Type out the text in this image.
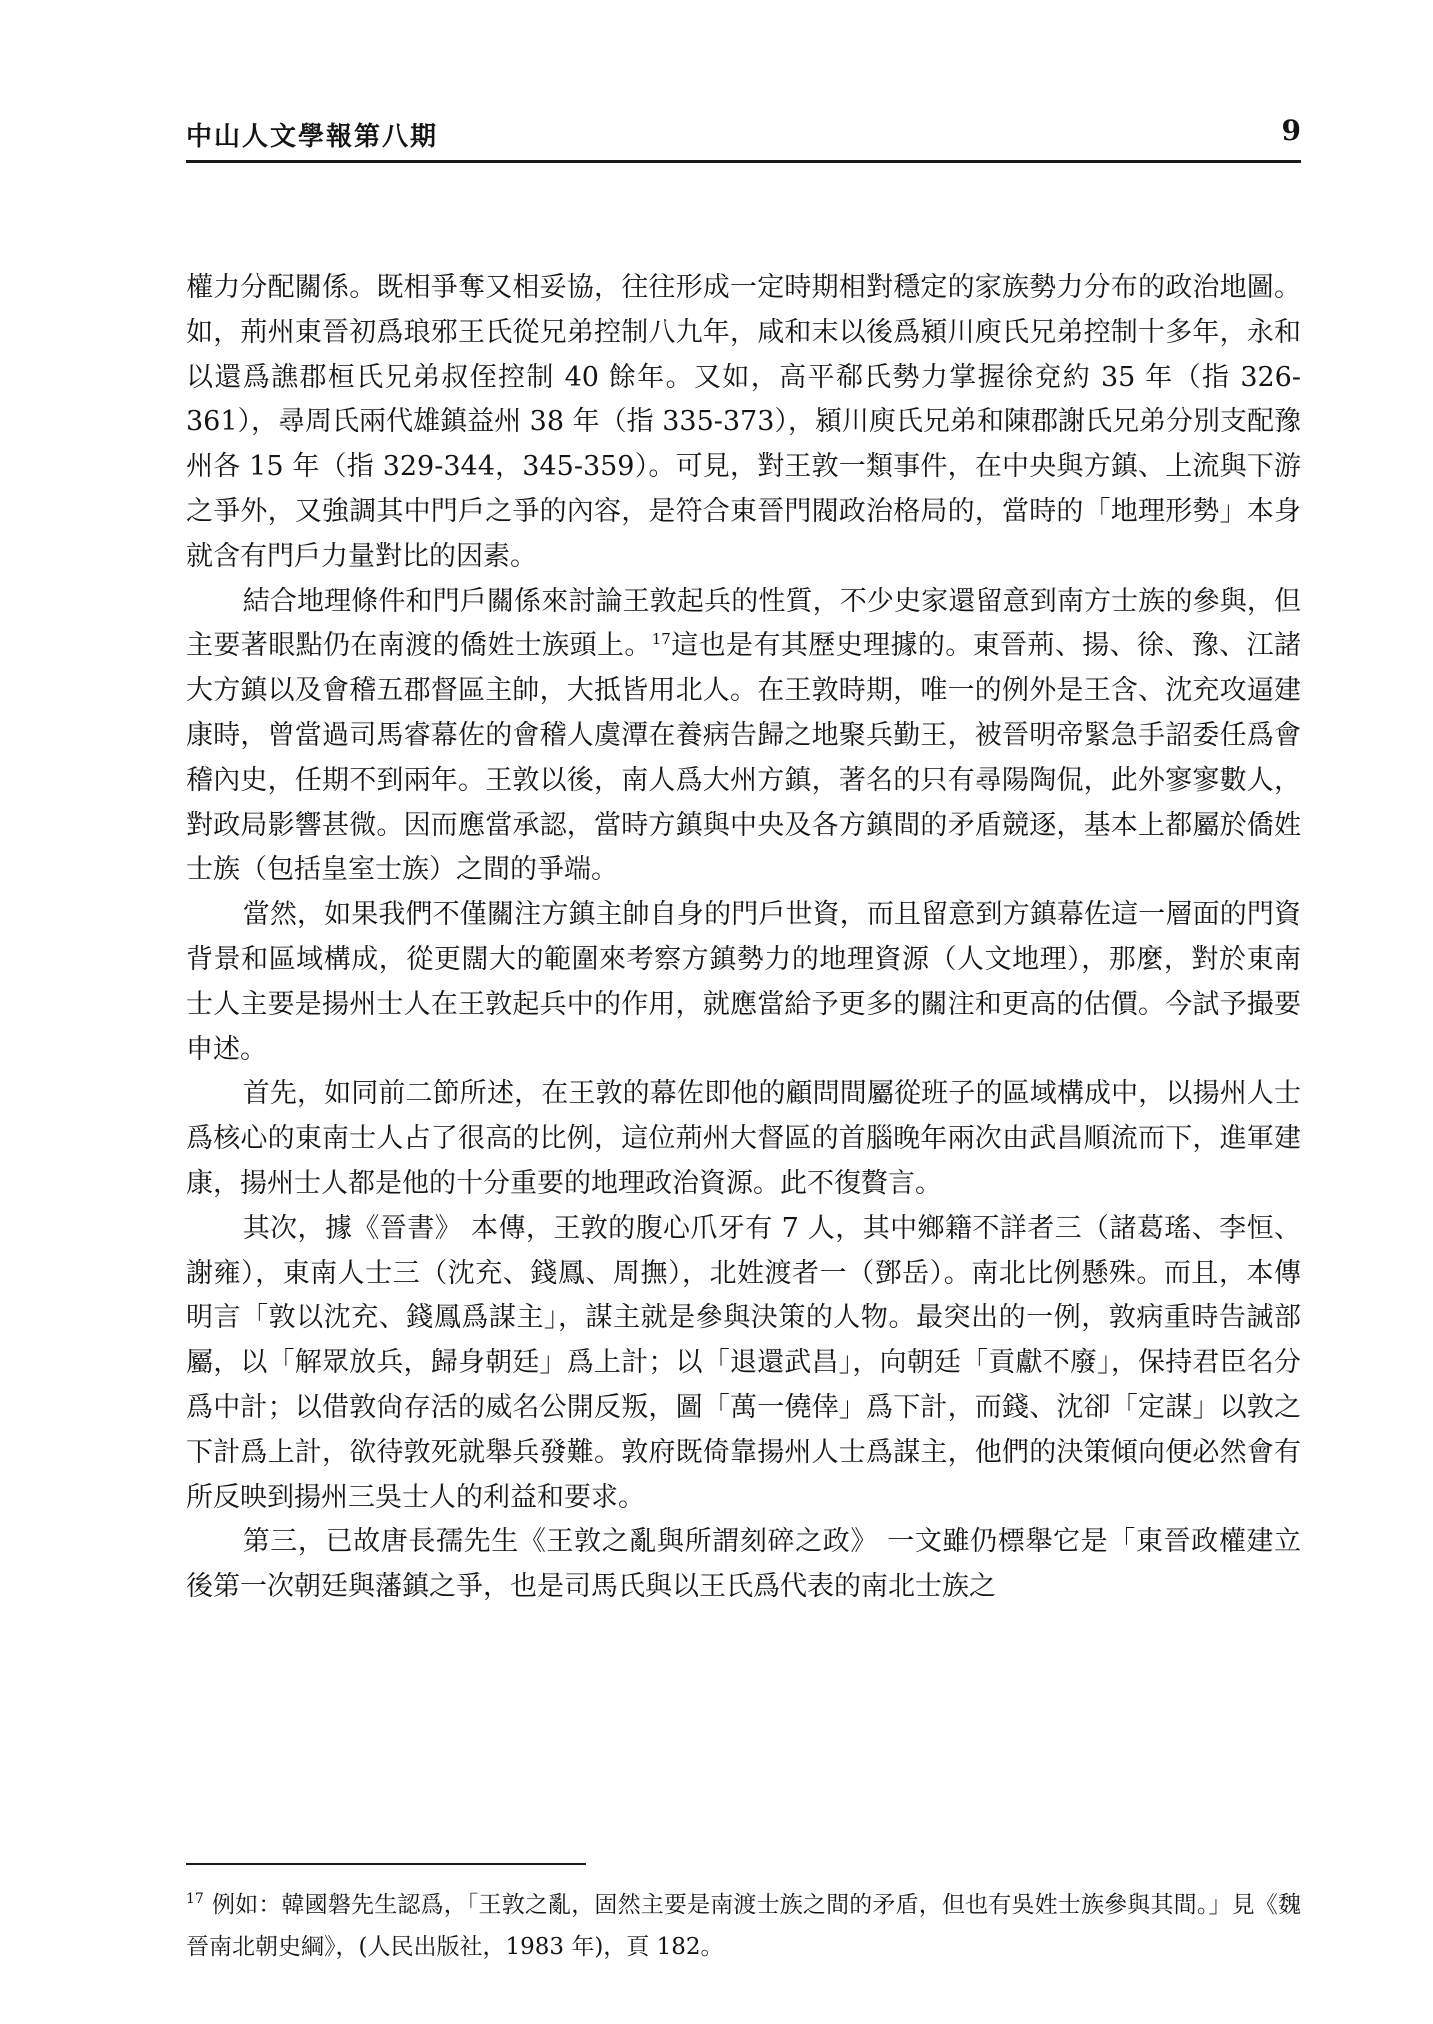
中山人文學報第八期	9

權力分配關係。既相爭奪又相妥協，往往形成一定時期相對穩定的家族勢力分布的政治地圖。如，荊州東晉初爲琅邪王氏從兄弟控制八九年，咸和末以後爲潁川庾氏兄弟控制十多年，永和以還爲譙郡桓氏兄弟叔侄控制 40 餘年。又如，高平郗氏勢力掌握徐兗約 35 年（指 326-361），尋周氏兩代雄鎮益州 38 年（指 335-373），潁川庾氏兄弟和陳郡謝氏兄弟分別支配豫州各 15 年（指 329-344，345-359）。可見，對王敦一類事件，在中央與方鎮、上流與下游之爭外，又強調其中門戶之爭的內容，是符合東晉門閥政治格局的，當時的「地理形勢」本身就含有門戶力量對比的因素。

結合地理條件和門戶關係來討論王敦起兵的性質，不少史家還留意到南方士族的參與，但主要著眼點仍在南渡的僑姓士族頭上。$^{17}$這也是有其歷史理據的。東晉荊、揚、徐、豫、江諸大方鎮以及會稽五郡督區主帥，大抵皆用北人。在王敦時期，唯一的例外是王含、沈充攻逼建康時，曾當過司馬睿幕佐的會稽人虞潭在養病告歸之地聚兵勤王，被晉明帝緊急手詔委任爲會稽內史，任期不到兩年。王敦以後，南人爲大州方鎮，著名的只有尋陽陶侃，此外寥寥數人，對政局影響甚微。因而應當承認，當時方鎮與中央及各方鎮間的矛盾競逐，基本上都屬於僑姓士族（包括皇室士族）之間的爭端。

當然，如果我們不僅關注方鎮主帥自身的門戶世資，而且留意到方鎮幕佐這一層面的門資背景和區域構成，從更闊大的範圍來考察方鎮勢力的地理資源（人文地理），那麼，對於東南士人主要是揚州士人在王敦起兵中的作用，就應當給予更多的關注和更高的估價。今試予撮要申述。

首先，如同前二節所述，在王敦的幕佐即他的顧問間屬從班子的區域構成中，以揚州人士爲核心的東南士人占了很高的比例，這位荊州大督區的首腦晚年兩次由武昌順流而下，進軍建康，揚州士人都是他的十分重要的地理政治資源。此不復贅言。

其次，據《晉書》 本傳，王敦的腹心爪牙有 7 人，其中鄉籍不詳者三（諸葛瑤、李恒、謝雍），東南人士三（沈充、錢鳳、周撫），北姓渡者一（鄧岳）。南北比例懸殊。而且，本傳明言「敦以沈充、錢鳳爲謀主」，謀主就是參與決策的人物。最突出的一例，敦病重時告誡部屬，以「解眾放兵，歸身朝廷」爲上計；以「退還武昌」，向朝廷「貢獻不廢」，保持君臣名分爲中計；以借敦尙存活的威名公開反叛，圖「萬一僥倖」爲下計，而錢、沈卻「定謀」以敦之下計爲上計，欲待敦死就舉兵發難。敦府既倚靠揚州人士爲謀主，他們的決策傾向便必然會有所反映到揚州三吳士人的利益和要求。

第三，已故唐長孺先生《王敦之亂與所謂刻碎之政》 一文雖仍標舉它是「東晉政權建立後第一次朝廷與藩鎮之爭，也是司馬氏與以王氏爲代表的南北士族之

$^{17}$ 例如：韓國磐先生認爲，「王敦之亂，固然主要是南渡士族之間的矛盾，但也有吳姓士族參與其間。」見《魏晉南北朝史綱》，(人民出版社，1983 年)，頁 182。
